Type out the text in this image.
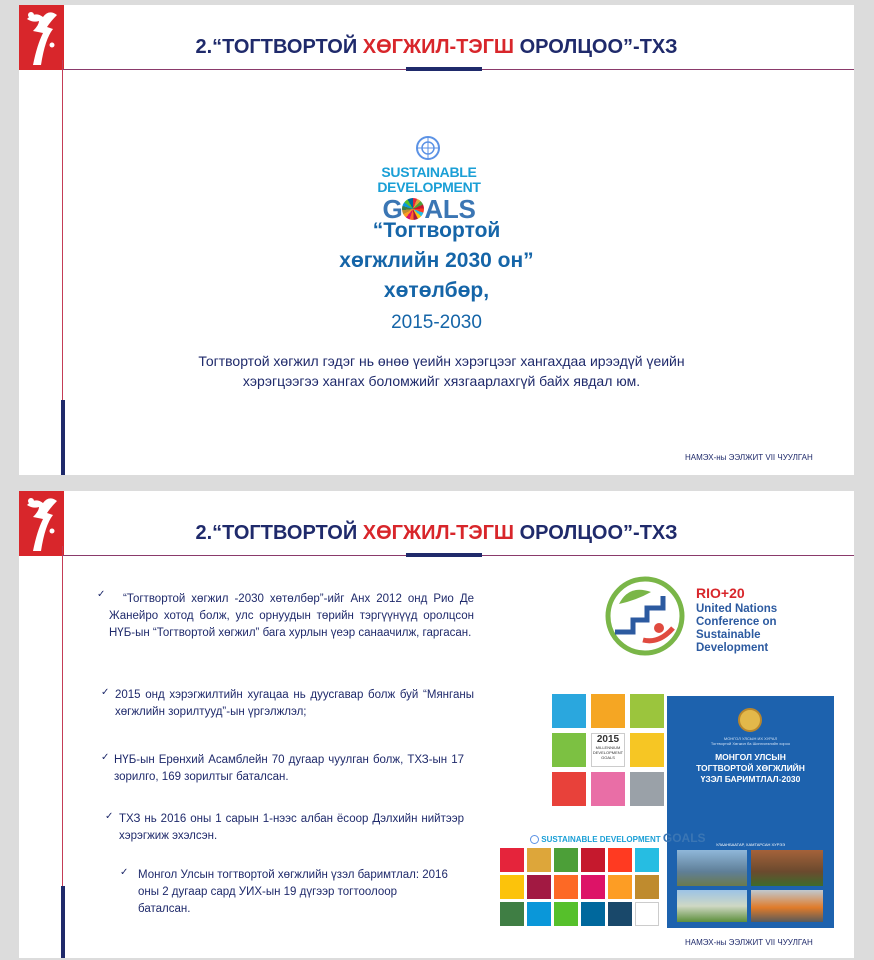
2.“ТОГТВОРТОЙ ХӨГЖИЛ-ТЭГШ ОРОЛЦОО”-ТХЗ
SUSTAINABLE
DEVELOPMENT
G ALS
“Тогтвортой
хөгжлийн 2030 он”
хөтөлбөр,
2015-2030
Тогтвортой хөгжил гэдэг нь өнөө үеийн хэрэгцээг хангахдаа ирээдүй үеийн
хэрэгцээгээ хангах боломжийг хязгаарлахгүй байх явдал юм.
НАМЭХ-ны ЭЭЛЖИТ VII ЧУУЛГАН
2.“ТОГТВОРТОЙ ХӨГЖИЛ-ТЭГШ ОРОЛЦОО”-ТХЗ
✓	“Тогтвортой хөгжил -2030 хөтөлбөр”-ийг Анх 2012 онд Рио Де Жанейро хотод болж, улс орнуудын төрийн тэргүүнүүд оролцсон НҮБ-ын “Тогтвортой хөгжил” бага хурлын үеэр санаачилж, гаргасан.
✓ 2015 онд хэрэгжилтийн хугацаа нь дуусгавар болж буй “Мянганы хөгжлийн зорилтууд”-ын үргэлжлэл;
✓ НҮБ-ын Ерөнхий Асамблейн 70 дугаар чуулган болж, ТХЗ-ын 17 зорилго, 169 зорилтыг баталсан.
✓ ТХЗ нь 2016 оны 1 сарын 1-нээс албан ёсоор Дэлхийн нийтээр хэрэгжиж эхэлсэн.
✓ Монгол Улсын тогтвортой хөгжлийн үзэл баримтлал: 2016 оны 2 дугаар сард УИХ-ын 19 дүгээр тогтоолоор баталсан.
RIO+20
United Nations
Conference on
Sustainable
Development
2015
MILLENNIUM
DEVELOPMENT
GOALS
МОНГОЛ УЛСЫН ИХ ХУРАЛ
Тогтвортой Хөгжил ба Шинэчлэлийн хороо
МОНГОЛ УЛСЫН
ТОГТВОРТОЙ ХӨГЖЛИЙН
ҮЗЭЛ БАРИМТЛАЛ-2030
УЛААНБААТАР, ХАМТАРСАН ХУРЭЭ
SUSTAINABLE DEVELOPMENT GOALS
НАМЭХ-ны ЭЭЛЖИТ VII ЧУУЛГАН
